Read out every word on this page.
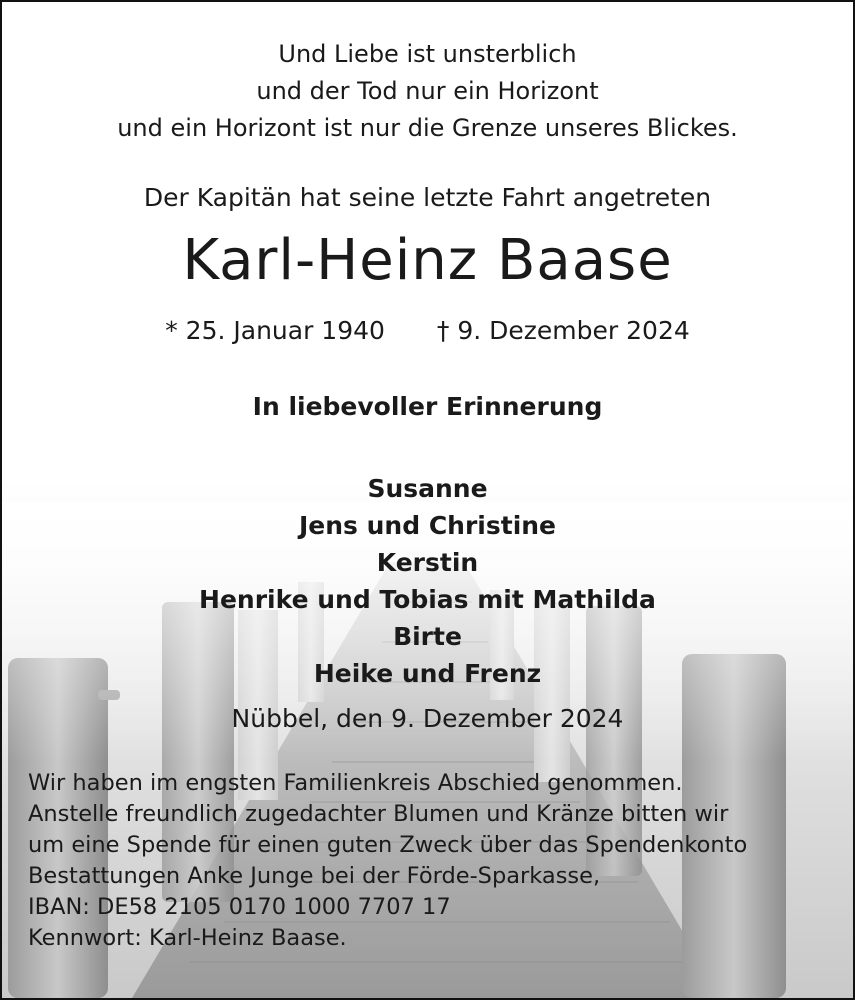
Und Liebe ist unsterblich
und der Tod nur ein Horizont
und ein Horizont ist nur die Grenze unseres Blickes.
Der Kapitän hat seine letzte Fahrt angetreten
Karl-Heinz Baase
* 25. Januar 1940 † 9. Dezember 2024
In liebevoller Erinnerung
Susanne
Jens und Christine
Kerstin
Henrike und Tobias mit Mathilda
Birte
Heike und Frenz
Nübbel, den 9. Dezember 2024
Wir haben im engsten Familienkreis Abschied genommen.
Anstelle freundlich zugedachter Blumen und Kränze bitten wir
um eine Spende für einen guten Zweck über das Spendenkonto
Bestattungen Anke Junge bei der Förde-Sparkasse,
IBAN: DE58 2105 0170 1000 7707 17
Kennwort: Karl-Heinz Baase.
